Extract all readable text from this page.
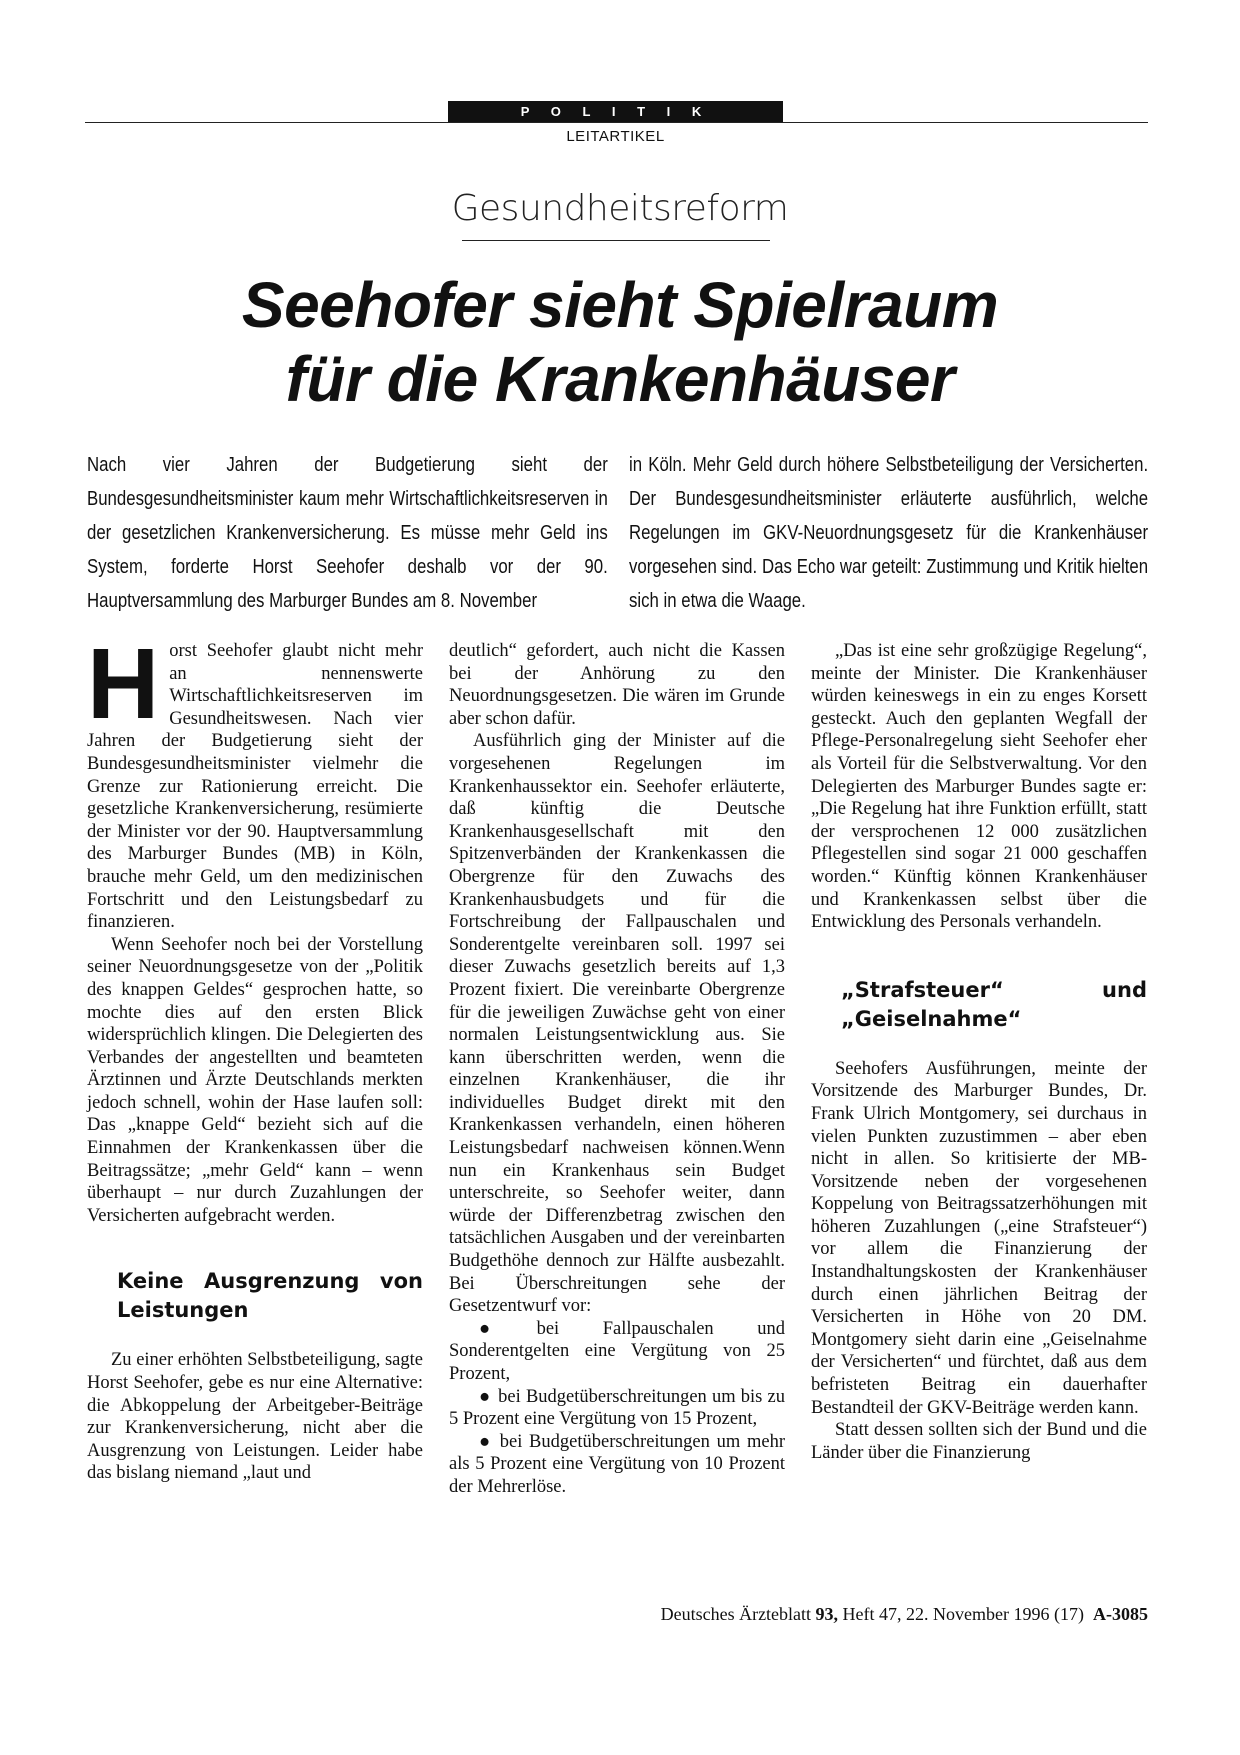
P O L I T I K
LEITARTIKEL
Gesundheitsreform
Seehofer sieht Spielraum
für die Krankenhäuser
Nach vier Jahren der Budgetierung sieht der Bundesgesundheitsminister kaum mehr Wirtschaftlichkeitsreserven in der gesetzlichen Krankenversicherung. Es müsse mehr Geld ins System, forderte Horst Seehofer deshalb vor der 90. Hauptversammlung des Marburger Bundes am 8. November
in Köln. Mehr Geld durch höhere Selbstbeteiligung der Versicherten. Der Bundesgesundheitsminister erläuterte ausführlich, welche Regelungen im GKV-Neuordnungsgesetz für die Krankenhäuser vorgesehen sind. Das Echo war geteilt: Zustimmung und Kritik hielten sich in etwa die Waage.

Horst Seehofer glaubt nicht mehr an nennenswerte Wirtschaftlichkeitsreserven im Gesundheitswesen. Nach vier Jahren der Budgetierung sieht der Bundesgesundheitsminister vielmehr die Grenze zur Rationierung erreicht. Die gesetzliche Krankenversicherung, resümierte der Minister vor der 90. Hauptversammlung des Marburger Bundes (MB) in Köln, brauche mehr Geld, um den medizinischen Fortschritt und den Leistungsbedarf zu finanzieren.

Wenn Seehofer noch bei der Vorstellung seiner Neuordnungsgesetze von der „Politik des knappen Geldes“ gesprochen hatte, so mochte dies auf den ersten Blick widersprüchlich klingen. Die Delegierten des Verbandes der angestellten und beamteten Ärztinnen und Ärzte Deutschlands merkten jedoch schnell, wohin der Hase laufen soll: Das „knappe Geld“ bezieht sich auf die Einnahmen der Krankenkassen über die Beitragssätze; „mehr Geld“ kann – wenn überhaupt – nur durch Zuzahlungen der Versicherten aufgebracht werden.

Keine Ausgrenzung von Leistungen

Zu einer erhöhten Selbstbeteiligung, sagte Horst Seehofer, gebe es nur eine Alternative: die Abkoppelung der Arbeitgeber-Beiträge zur Krankenversicherung, nicht aber die Ausgrenzung von Leistungen. Leider habe das bislang niemand „laut und

deutlich“ gefordert, auch nicht die Kassen bei der Anhörung zu den Neuordnungsgesetzen. Die wären im Grunde aber schon dafür.

Ausführlich ging der Minister auf die vorgesehenen Regelungen im Krankenhaussektor ein. Seehofer erläuterte, daß künftig die Deutsche Krankenhausgesellschaft mit den Spitzenverbänden der Krankenkassen die Obergrenze für den Zuwachs des Krankenhausbudgets und für die Fortschreibung der Fallpauschalen und Sonderentgelte vereinbaren soll. 1997 sei dieser Zuwachs gesetzlich bereits auf 1,3 Prozent fixiert. Die vereinbarte Obergrenze für die jeweiligen Zuwächse geht von einer normalen Leistungsentwicklung aus. Sie kann überschritten werden, wenn die einzelnen Krankenhäuser, die ihr individuelles Budget direkt mit den Krankenkassen verhandeln, einen höheren Leistungsbedarf nachweisen können.Wenn nun ein Krankenhaus sein Budget unterschreite, so Seehofer weiter, dann würde der Differenzbetrag zwischen den tatsächlichen Ausgaben und der vereinbarten Budgethöhe dennoch zur Hälfte ausbezahlt. Bei Überschreitungen sehe der Gesetzentwurf vor:

●	bei Fallpauschalen und Sonderentgelten eine Vergütung von 25 Prozent,

● bei Budgetüberschreitungen um bis zu 5 Prozent eine Vergütung von 15 Prozent,

● bei Budgetüberschreitungen um mehr als 5 Prozent eine Vergütung von 10 Prozent der Mehrerlöse.

„Das ist eine sehr großzügige Regelung“, meinte der Minister. Die Krankenhäuser würden keineswegs in ein zu enges Korsett gesteckt. Auch den geplanten Wegfall der Pflege-Personalregelung sieht Seehofer eher als Vorteil für die Selbstverwaltung. Vor den Delegierten des Marburger Bundes sagte er: „Die Regelung hat ihre Funktion erfüllt, statt der versprochenen 12 000 zusätzlichen Pflegestellen sind sogar 21 000 geschaffen worden.“ Künftig können Krankenhäuser und Krankenkassen selbst über die Entwicklung des Personals verhandeln.

„Strafsteuer“ und „Geiselnahme“

Seehofers Ausführungen, meinte der Vorsitzende des Marburger Bundes, Dr. Frank Ulrich Montgomery, sei durchaus in vielen Punkten zuzustimmen – aber eben nicht in allen. So kritisierte der MB-Vorsitzende neben der vorgesehenen Koppelung von Beitragssatzerhöhungen mit höheren Zuzahlungen („eine Strafsteuer“) vor allem die Finanzierung der Instandhaltungskosten der Krankenhäuser durch einen jährlichen Beitrag der Versicherten in Höhe von 20 DM. Montgomery sieht darin eine „Geiselnahme der Versicherten“ und fürchtet, daß aus dem befristeten Beitrag ein dauerhafter Bestandteil der GKV-Beiträge werden kann.

Statt dessen sollten sich der Bund und die Länder über die Finanzierung

Deutsches Ärzteblatt 93, Heft 47, 22. November 1996 (17) A-3085
